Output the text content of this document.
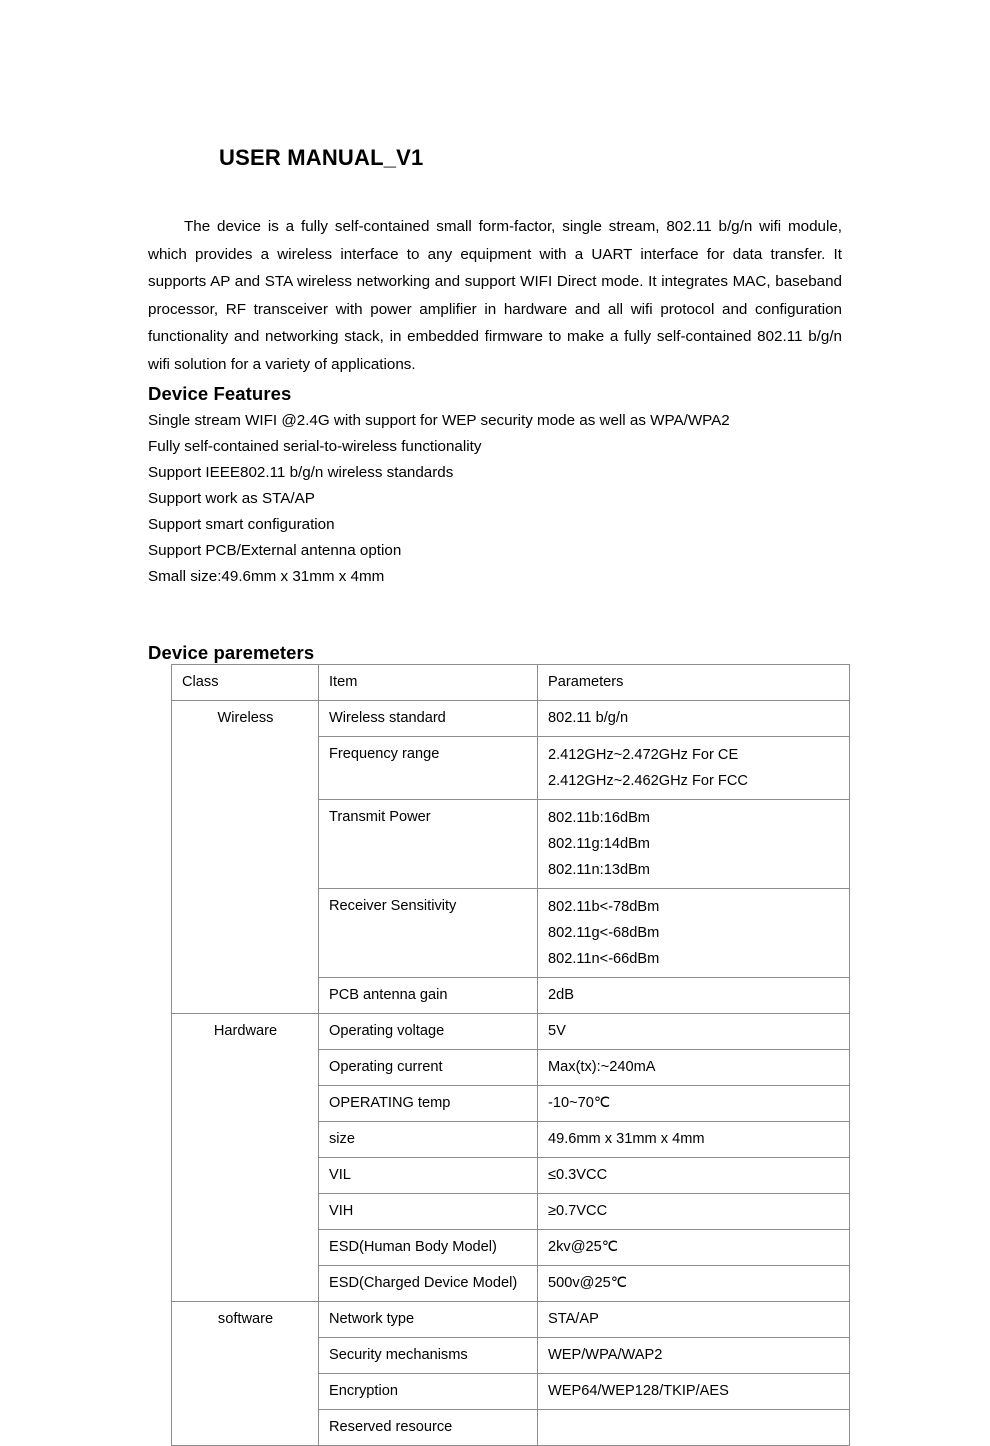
USER MANUAL_V1

The device is a fully self-contained small form-factor, single stream, 802.11 b/g/n wifi module, which provides a wireless interface to any equipment with a UART interface for data transfer. It supports AP and STA wireless networking and support WIFI Direct mode. It integrates MAC, baseband processor, RF transceiver with power amplifier in hardware and all wifi protocol and configuration functionality and networking stack, in embedded firmware to make a fully self-contained 802.11 b/g/n wifi solution for a variety of applications.

Device Features
Single stream WIFI @2.4G with support for WEP security mode as well as WPA/WPA2
Fully self-contained serial-to-wireless functionality
Support IEEE802.11 b/g/n wireless standards
Support work as STA/AP
Support smart configuration
Support PCB/External antenna option
Small size:49.6mm x 31mm x 4mm
Device paremeters
Class	Item	Parameters
Wireless	Wireless standard	802.11 b/g/n
	Frequency range	2.412GHz~2.472GHz For CE
2.412GHz~2.462GHz For FCC

	Transmit Power	802.11b:16dBm
802.11g:14dBm
802.11n:13dBm

	Receiver Sensitivity	802.11b<-78dBm
802.11g<-68dBm
802.11n<-66dBm

	PCB antenna gain	2dB
Hardware	Operating voltage	5V
	Operating current	Max(tx):~240mA
	OPERATING temp	-10~70℃
	size	49.6mm x 31mm x 4mm
	VIL	≤0.3VCC
	VIH	≥0.7VCC
	ESD(Human Body Model)	2kv@25℃
	ESD(Charged Device Model)	500v@25℃
software	Network type	STA/AP
	Security mechanisms	WEP/WPA/WAP2
	Encryption	WEP64/WEP128/TKIP/AES
	Reserved resource	
